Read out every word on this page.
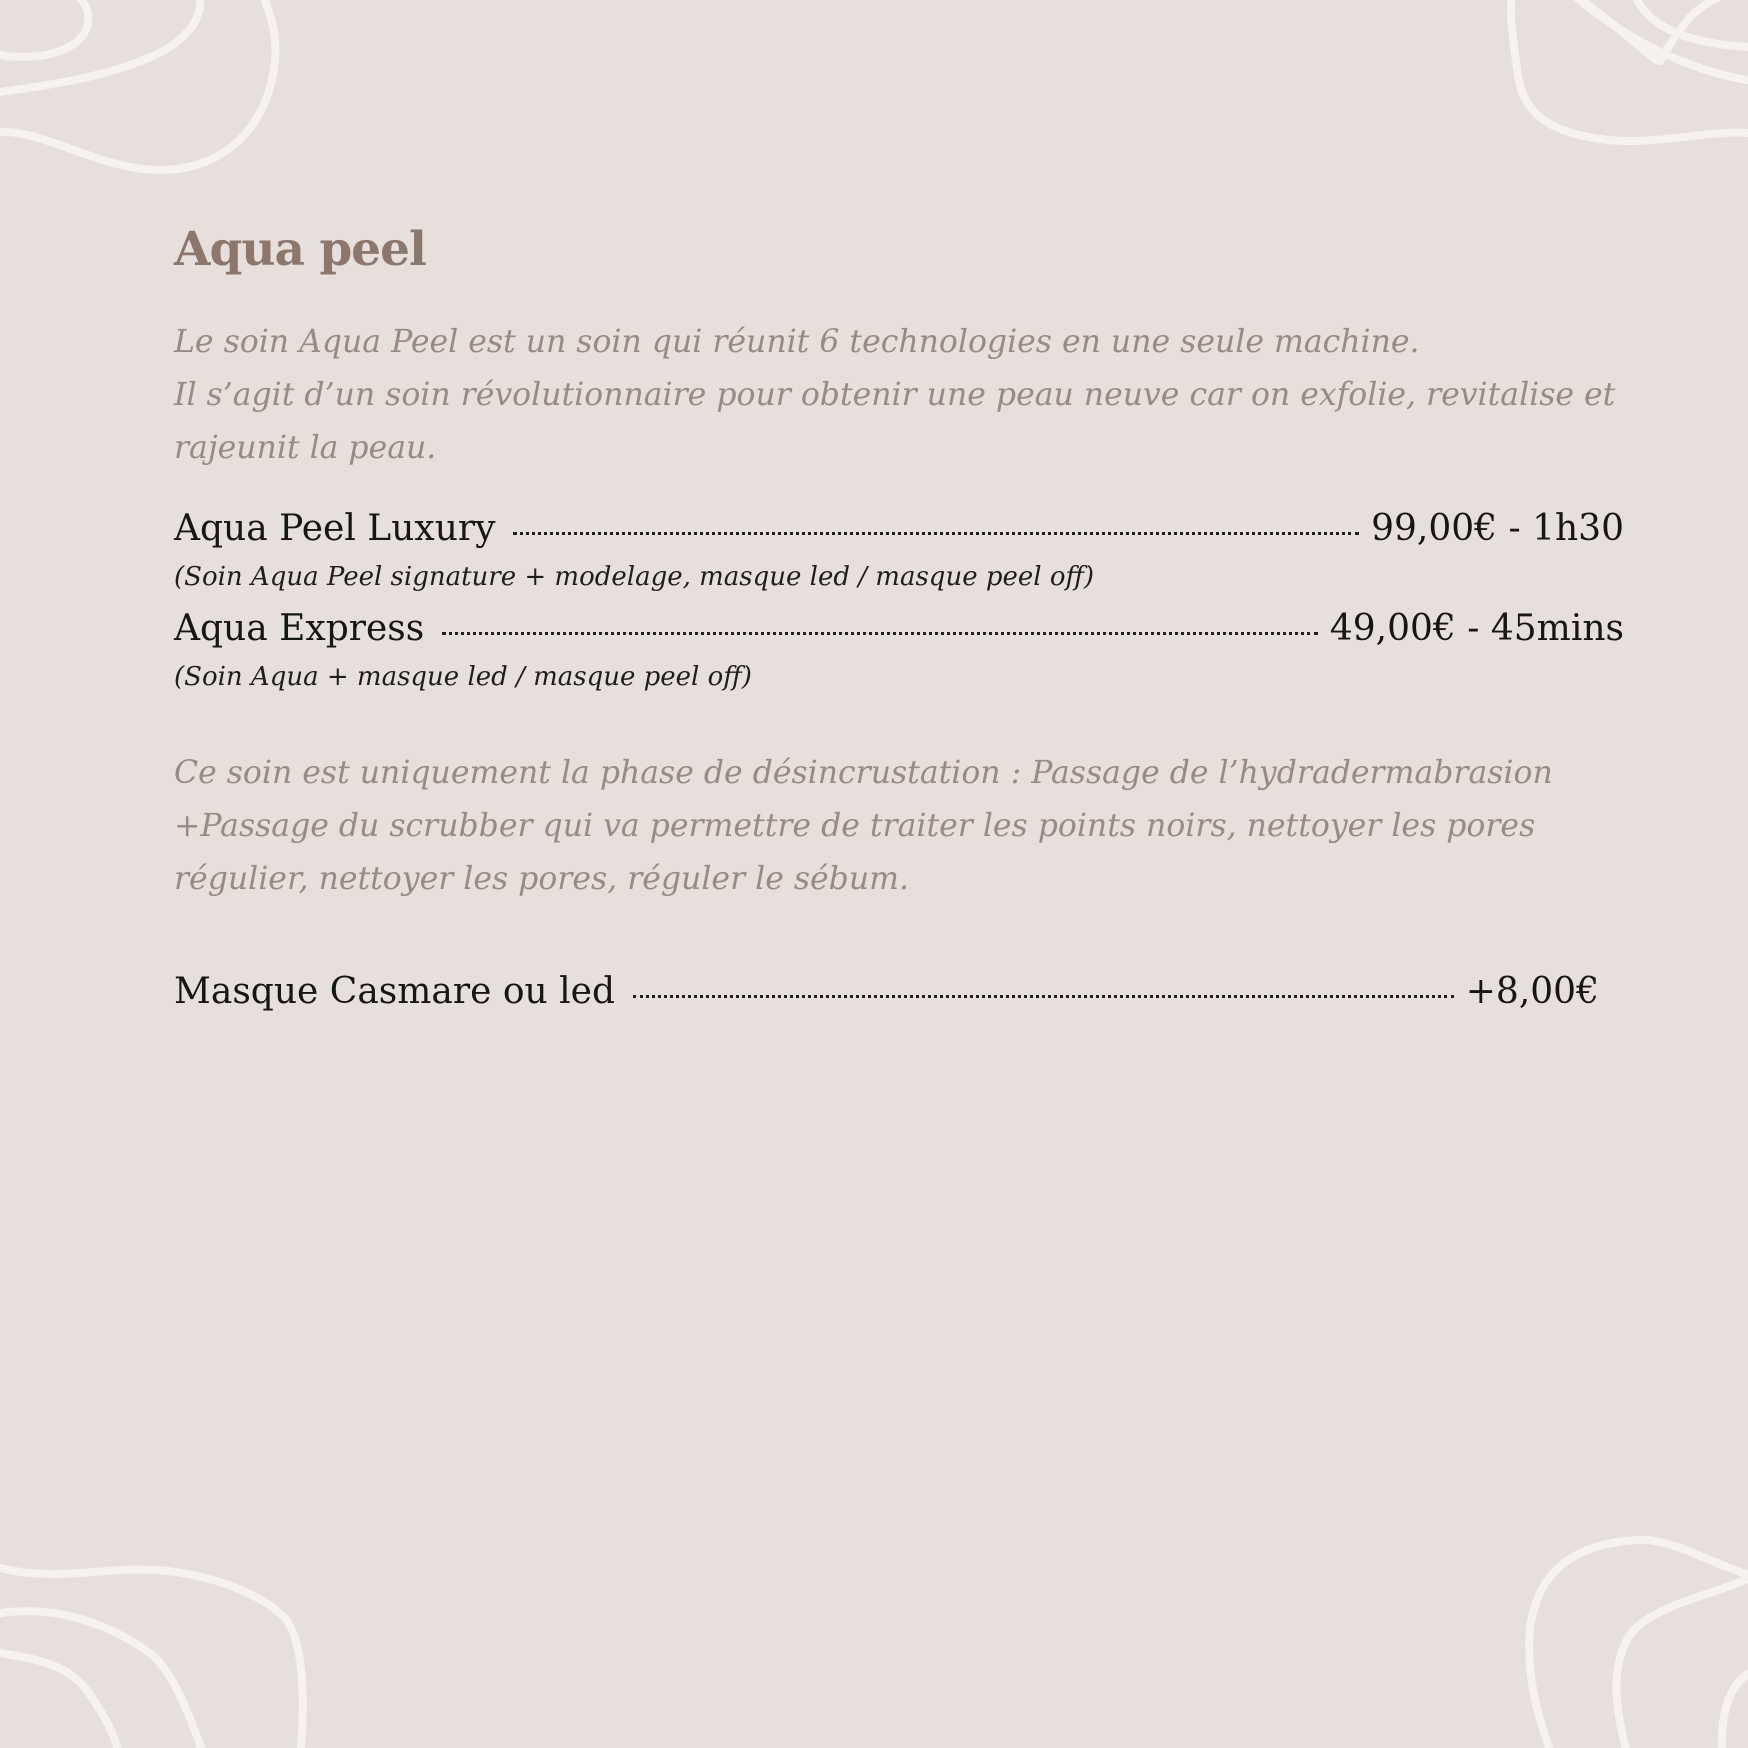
Aqua peel

Le soin Aqua Peel est un soin qui réunit 6 technologies en une seule machine.

Il s’agit d’un soin révolutionnaire pour obtenir une peau neuve car on exfolie, revitalise et rajeunit la peau.

Aqua Peel Luxury	99,00€ - 1h30
(Soin Aqua Peel signature + modelage, masque led / masque peel off)
Aqua Express	49,00€ - 45mins
(Soin Aqua + masque led / masque peel off)
Ce soin est uniquement la phase de désincrustation : Passage de l’hydradermabrasion +Passage du scrubber qui va permettre de traiter les points noirs, nettoyer les pores régulier, nettoyer les pores, réguler le sébum.
Masque Casmare ou led	+8,00€
